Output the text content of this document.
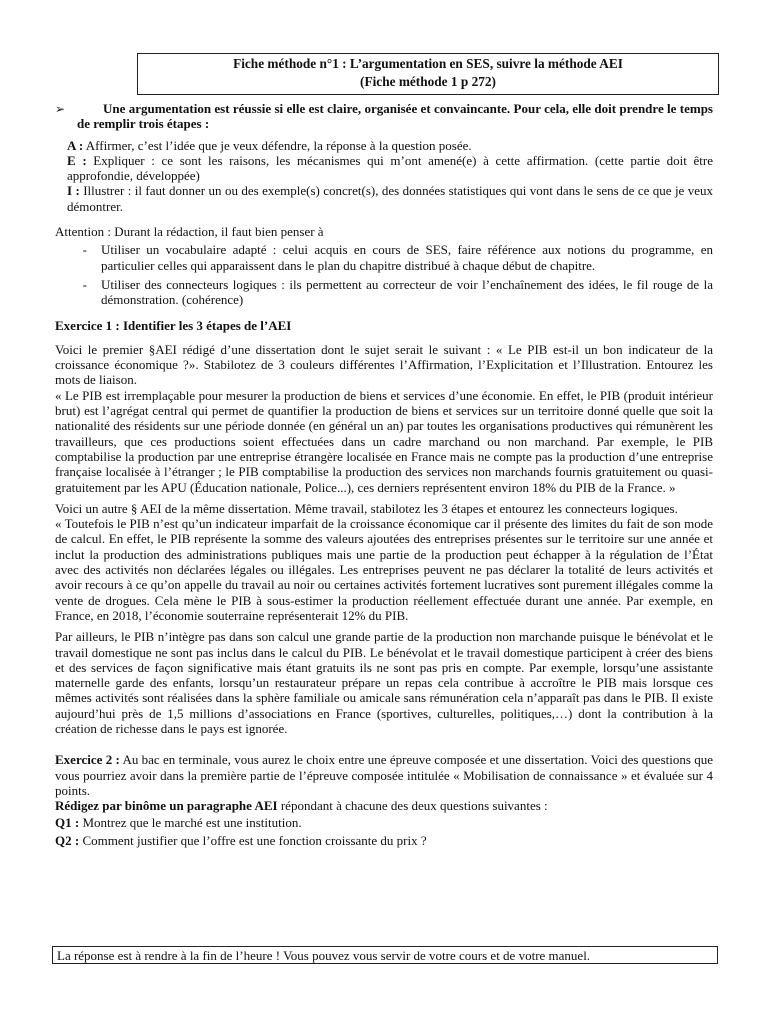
Fiche méthode n°1 : L’argumentation en SES, suivre la méthode AEI
(Fiche méthode 1 p 272)
➢	Une argumentation est réussie si elle est claire, organisée et convaincante. Pour cela, elle doit prendre le temps de remplir trois étapes :

A : Affirmer, c’est l’idée que je veux défendre, la réponse à la question posée.

E : Expliquer : ce sont les raisons, les mécanismes qui m’ont amené(e) à cette affirmation. (cette partie doit être approfondie, développée)

I : Illustrer : il faut donner un ou des exemple(s) concret(s), des données statistiques qui vont dans le sens de ce que je veux démontrer.

Attention : Durant la rédaction, il faut bien penser à

-	Utiliser un vocabulaire adapté : celui acquis en cours de SES, faire référence aux notions du programme, en particulier celles qui apparaissent dans le plan du chapitre distribué à chaque début de chapitre.
-	Utiliser des connecteurs logiques : ils permettent au correcteur de voir l’enchaînement des idées, le fil rouge de la démonstration. (cohérence)

Exercice 1 : Identifier les 3 étapes de l’AEI

Voici le premier §AEI rédigé d’une dissertation dont le sujet serait le suivant : « Le PIB est-il un bon indicateur de la croissance économique ?». Stabilotez de 3 couleurs différentes l’Affirmation, l’Explicitation et l’Illustration. Entourez les mots de liaison.

« Le PIB est irremplaçable pour mesurer la production de biens et services d’une économie. En effet, le PIB (produit intérieur brut) est l’agrégat central qui permet de quantifier la production de biens et services sur un territoire donné quelle que soit la nationalité des résidents sur une période donnée (en général un an) par toutes les organisations productives qui rémunèrent les travailleurs, que ces productions soient effectuées dans un cadre marchand ou non marchand. Par exemple, le PIB comptabilise la production par une entreprise étrangère localisée en France mais ne compte pas la production d’une entreprise française localisée à l’étranger ; le PIB comptabilise la production des services non marchands fournis gratuitement ou quasi-gratuitement par les APU (Éducation nationale, Police...), ces derniers représentent environ 18% du PIB de la France. »

Voici un autre § AEI de la même dissertation. Même travail, stabilotez les 3 étapes et entourez les connecteurs logiques.

« Toutefois le PIB n’est qu’un indicateur imparfait de la croissance économique car il présente des limites du fait de son mode de calcul. En effet, le PIB représente la somme des valeurs ajoutées des entreprises présentes sur le territoire sur une année et inclut la production des administrations publiques mais une partie de la production peut échapper à la régulation de l’État avec des activités non déclarées légales ou illégales. Les entreprises peuvent ne pas déclarer la totalité de leurs activités et avoir recours à ce qu’on appelle du travail au noir ou certaines activités fortement lucratives sont purement illégales comme la vente de drogues. Cela mène le PIB à sous-estimer la production réellement effectuée durant une année. Par exemple, en France, en 2018, l’économie souterraine représenterait 12% du PIB.

Par ailleurs, le PIB n’intègre pas dans son calcul une grande partie de la production non marchande puisque le bénévolat et le travail domestique ne sont pas inclus dans le calcul du PIB. Le bénévolat et le travail domestique participent à créer des biens et des services de façon significative mais étant gratuits ils ne sont pas pris en compte. Par exemple, lorsqu’une assistante maternelle garde des enfants, lorsqu’un restaurateur prépare un repas cela contribue à accroître le PIB mais lorsque ces mêmes activités sont réalisées dans la sphère familiale ou amicale sans rémunération cela n’apparaît pas dans le PIB. Il existe aujourd’hui près de 1,5 millions d’associations en France (sportives, culturelles, politiques,…) dont la contribution à la création de richesse dans le pays est ignorée.

Exercice 2 : Au bac en terminale, vous aurez le choix entre une épreuve composée et une dissertation. Voici des questions que vous pourriez avoir dans la première partie de l’épreuve composée intitulée « Mobilisation de connaissance » et évaluée sur 4 points.

Rédigez par binôme un paragraphe AEI répondant à chacune des deux questions suivantes :

Q1 : Montrez que le marché est une institution.

Q2 : Comment justifier que l’offre est une fonction croissante du prix ?

La réponse est à rendre à la fin de l’heure ! Vous pouvez vous servir de votre cours et de votre manuel.
